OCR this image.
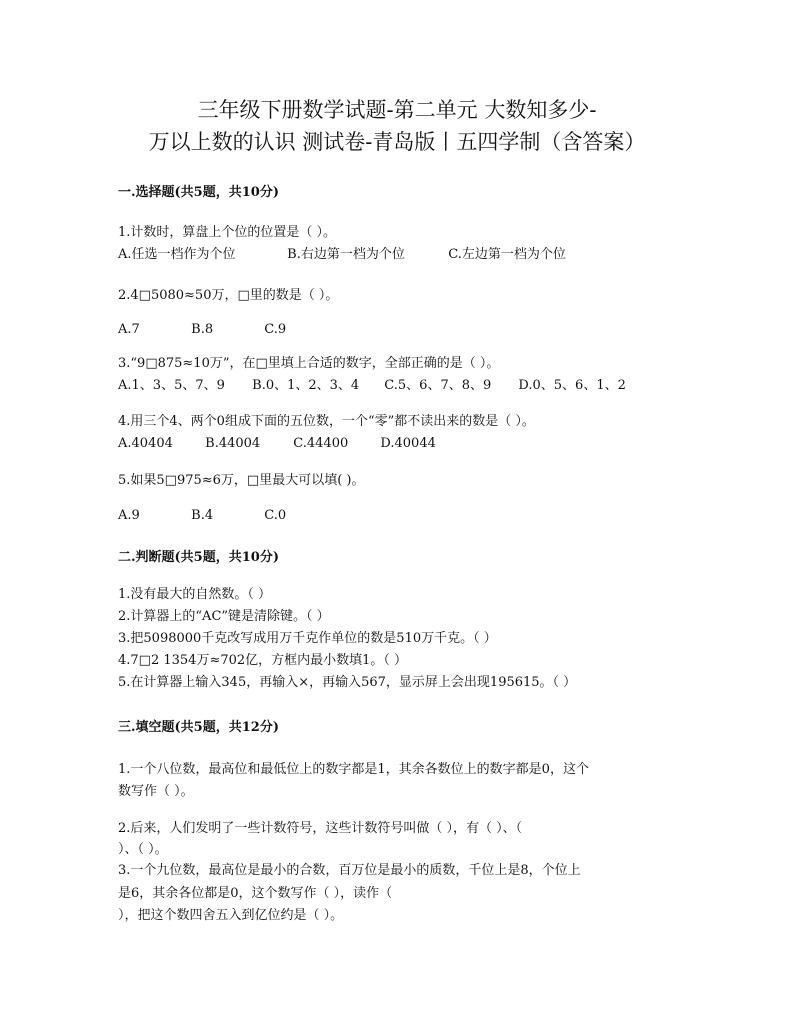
三年级下册数学试题-第二单元 大数知多少-
万以上数的认识 测试卷-青岛版丨五四学制（含答案）
一.选择题(共5题，共10分)
1.计数时，算盘上个位的位置是（ ）。
A.任选一档作为个位	B.右边第一档为个位	C.左边第一档为个位
2.4□5080≈50万，□里的数是（ ）。
A.7	B.8	C.9
3.“9□875≈10万”，在□里填上合适的数字，全部正确的是（ ）。
A.1、3、5、7、9 B.0、1、2、3、4 C.5、6、7、8、9 D.0、5、6、1、2
4.用三个4、两个0组成下面的五位数，一个“零”都不读出来的数是（ ）。
A.40404 B.44004	C.44400 D.40044
5.如果5□975≈6万，□里最大可以填( )。
A.9	B.4	C.0
二.判断题(共5题，共10分)
1.没有最大的自然数。（ ）
2.计算器上的“AC”键是清除键。（ ）
3.把5098000千克改写成用万千克作单位的数是510万千克。（ ）
4.7□2 1354万≈702亿，方框内最小数填1。（ ）
5.在计算器上输入345，再输入×，再输入567，显示屏上会出现195615。（ ）
三.填空题(共5题，共12分)
1.一个八位数，最高位和最低位上的数字都是1，其余各数位上的数字都是0，这个
数写作（ ）。
2.后来，人们发明了一些计数符号，这些计数符号叫做（ ），有（ ）、（
）、（ ）。
3.一个九位数，最高位是最小的合数，百万位是最小的质数，千位上是8，个位上
是6，其余各位都是0，这个数写作（ ），读作（
），把这个数四舍五入到亿位约是（ ）。
